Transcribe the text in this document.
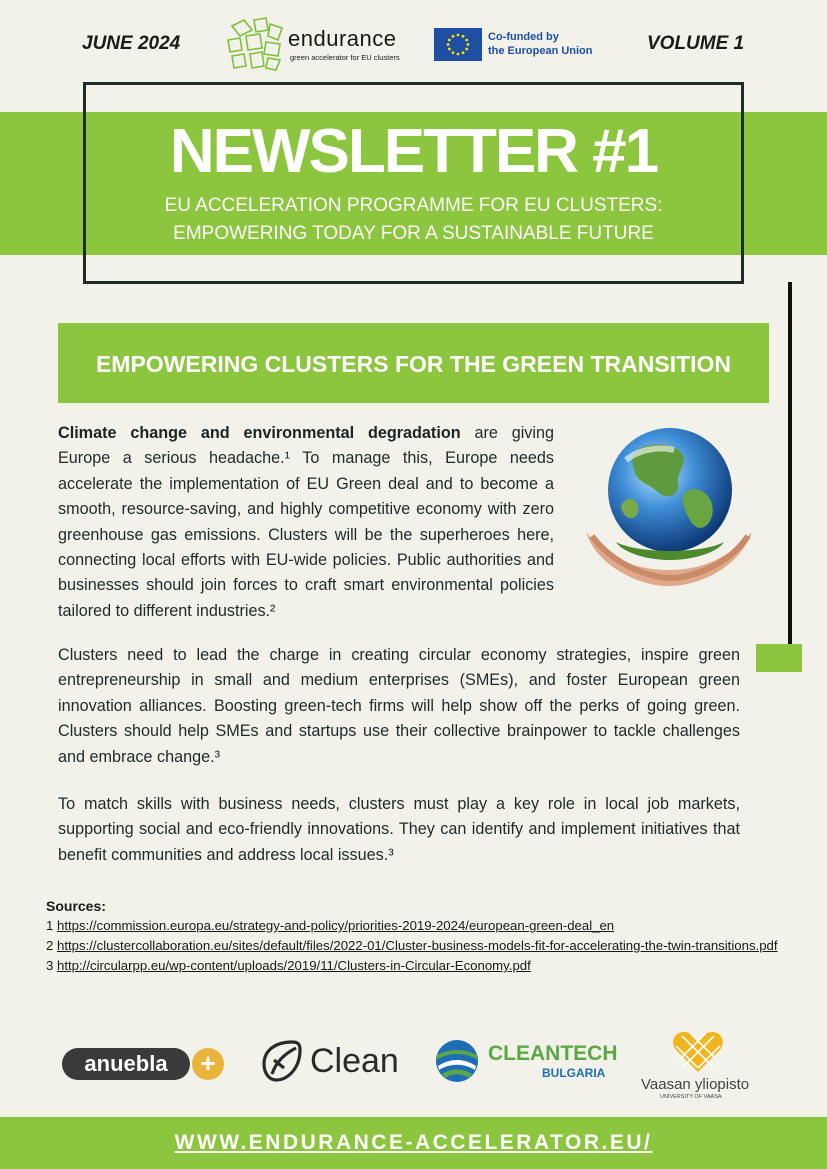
JUNE 2024	endurance
green accelerator for EU clusters
Co-funded by
the European Union	VOLUME 1
NEWSLETTER #1
EU ACCELERATION PROGRAMME FOR EU CLUSTERS:
EMPOWERING TODAY FOR A SUSTAINABLE FUTURE
EMPOWERING CLUSTERS FOR THE GREEN TRANSITION

Climate change and environmental degradation are giving Europe a serious headache.¹ To manage this, Europe needs accelerate the implementation of EU Green deal and to become a smooth, resource-saving, and highly competitive economy with zero greenhouse gas emissions. Clusters will be the superheroes here, connecting local efforts with EU-wide policies. Public authorities and businesses should join forces to craft smart environmental policies tailored to different industries.²

Clusters need to lead the charge in creating circular economy strategies, inspire green entrepreneurship in small and medium enterprises (SMEs), and foster European green innovation alliances. Boosting green-tech firms will help show off the perks of going green. Clusters should help SMEs and startups use their collective brainpower to tackle challenges and embrace change.³

To match skills with business needs, clusters must play a key role in local job markets, supporting social and eco-friendly innovations. They can identify and implement initiatives that benefit communities and address local issues.³

Sources:
1 https://commission.europa.eu/strategy-and-policy/priorities-2019-2024/european-green-deal_en
2 https://clustercollaboration.eu/sites/default/files/2022-01/Cluster-business-models-fit-for-accelerating-the-twin-transitions.pdf
3 http://circularpp.eu/wp-content/uploads/2019/11/Clusters-in-Circular-Economy.pdf
anuebla	+	Clean	CLEANTECH
BULGARIA
Vaasan yliopisto
UNIVERSITY OF VAASA
WWW.ENDURANCE-ACCELERATOR.EU/
